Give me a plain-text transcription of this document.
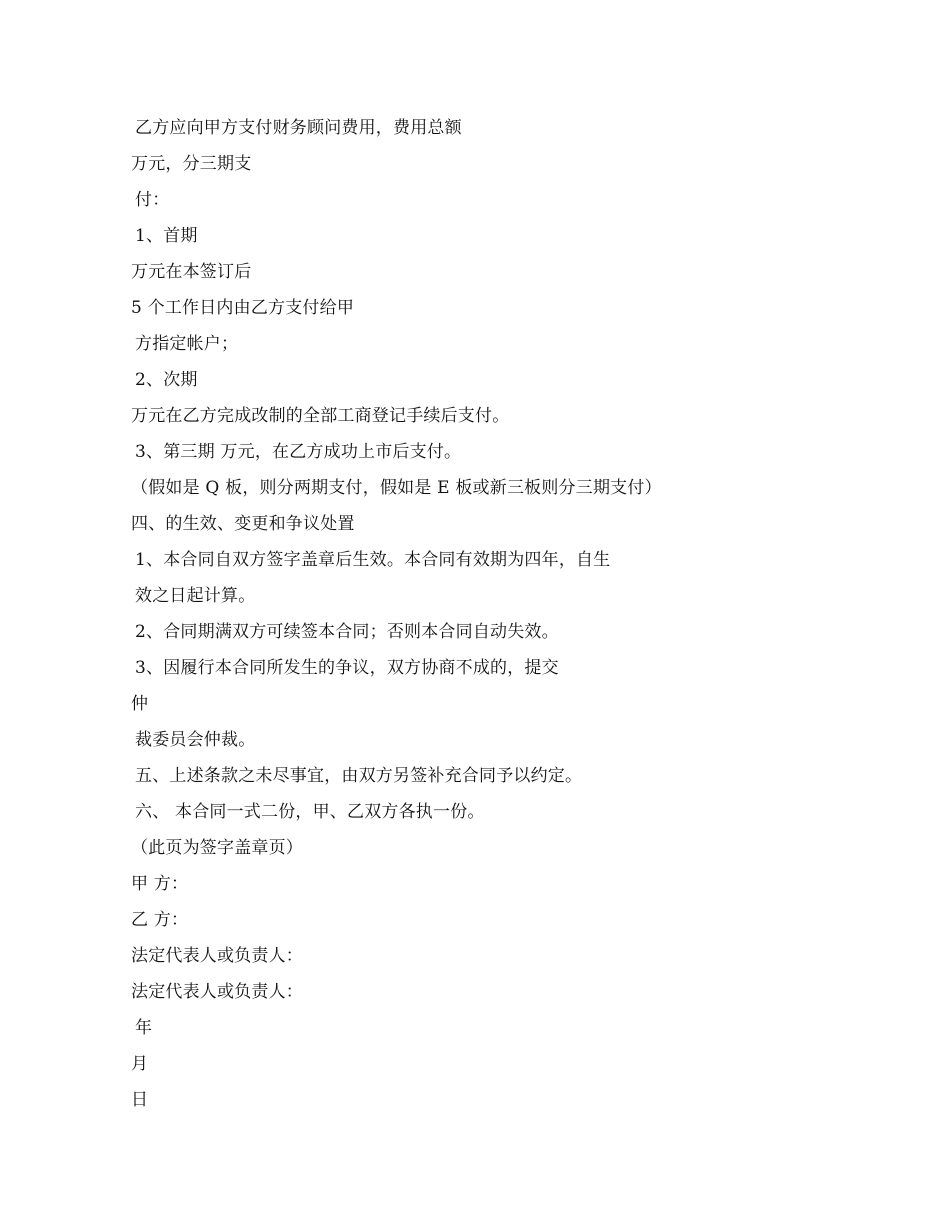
乙方应向甲方支付财务顾问费用，费用总额
万元，分三期支
付：
1、首期
万元在本签订后
5 个工作日内由乙方支付给甲
方指定帐户；
2、次期
万元在乙方完成改制的全部工商登记手续后支付。
3、第三期 万元，在乙方成功上市后支付。
（假如是 Q 板，则分两期支付，假如是 E 板或新三板则分三期支付）
四、的生效、变更和争议处置
1、本合同自双方签字盖章后生效。本合同有效期为四年，自生
效之日起计算。
2、合同期满双方可续签本合同；否则本合同自动失效。
3、因履行本合同所发生的争议，双方协商不成的，提交
仲
裁委员会仲裁。
五、上述条款之未尽事宜，由双方另签补充合同予以约定。
六、 本合同一式二份，甲、乙双方各执一份。
（此页为签字盖章页）
甲 方：
乙 方：
法定代表人或负责人：
法定代表人或负责人：
年
月
日
